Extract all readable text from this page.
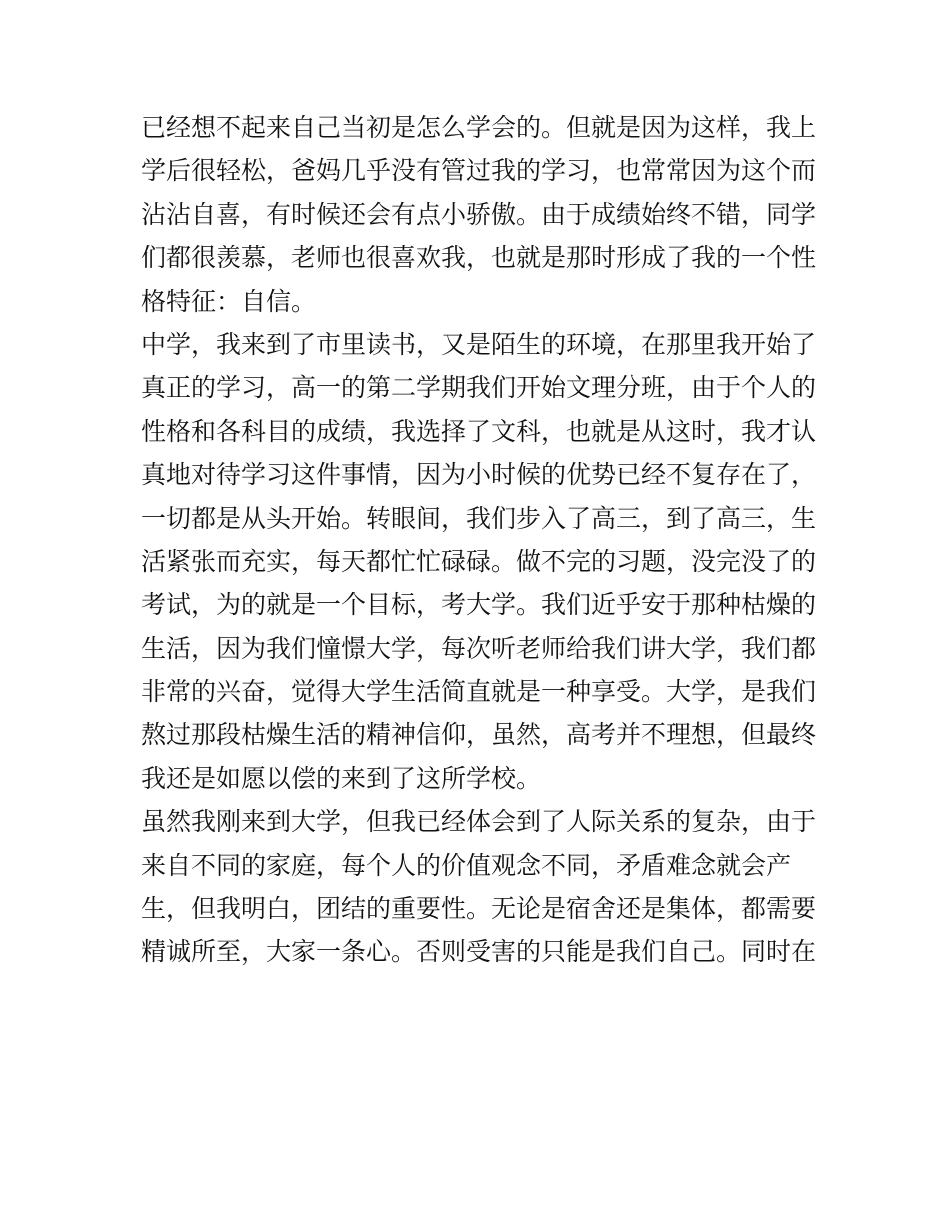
已经想不起来自己当初是怎么学会的。但就是因为这样，我上
学后很轻松，爸妈几乎没有管过我的学习，也常常因为这个而
沾沾自喜，有时候还会有点小骄傲。由于成绩始终不错，同学
们都很羡慕，老师也很喜欢我，也就是那时形成了我的一个性
格特征：自信。
中学，我来到了市里读书，又是陌生的环境，在那里我开始了
真正的学习，高一的第二学期我们开始文理分班，由于个人的
性格和各科目的成绩，我选择了文科，也就是从这时，我才认
真地对待学习这件事情，因为小时候的优势已经不复存在了，
一切都是从头开始。转眼间，我们步入了高三，到了高三，生
活紧张而充实，每天都忙忙碌碌。做不完的习题，没完没了的
考试，为的就是一个目标，考大学。我们近乎安于那种枯燥的
生活，因为我们憧憬大学，每次听老师给我们讲大学，我们都
非常的兴奋，觉得大学生活简直就是一种享受。大学，是我们
熬过那段枯燥生活的精神信仰，虽然，高考并不理想，但最终
我还是如愿以偿的来到了这所学校。
虽然我刚来到大学，但我已经体会到了人际关系的复杂，由于
来自不同的家庭，每个人的价值观念不同，矛盾难念就会产
生，但我明白，团结的重要性。无论是宿舍还是集体，都需要
精诚所至，大家一条心。否则受害的只能是我们自己。同时在
